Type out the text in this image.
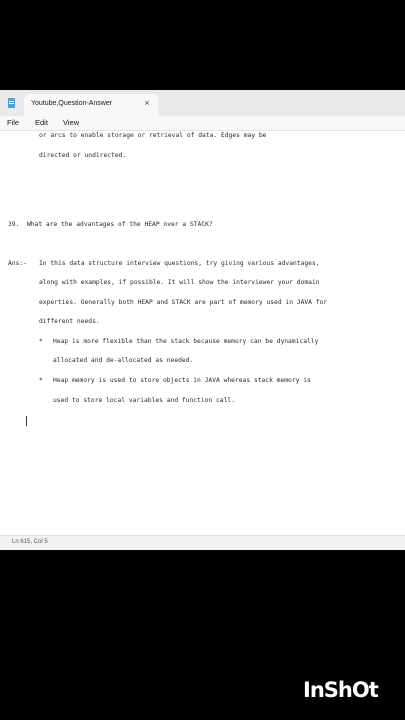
Youtube,Question-Answer	×
File Edit View
or arcs to enable storage or retrieval of data. Edges may be
directed or undirected.
39.  What are the advantages of the HEAP over a STACK?
Ans:- In this data structure interview questions, try giving various advantages,
along with examples, if possible. It will show the interviewer your domain
experties. Generally both HEAP and STACK are part of memory used in JAVA for
different needs.
* Heap is more flexible than the stack because memory can be dynamically
allocated and de-allocated as needed.
* Heap memory is used to store objects in JAVA whereas stack memory is
used to store local variables and function call.
Ln 615, Col 5
InShOt
